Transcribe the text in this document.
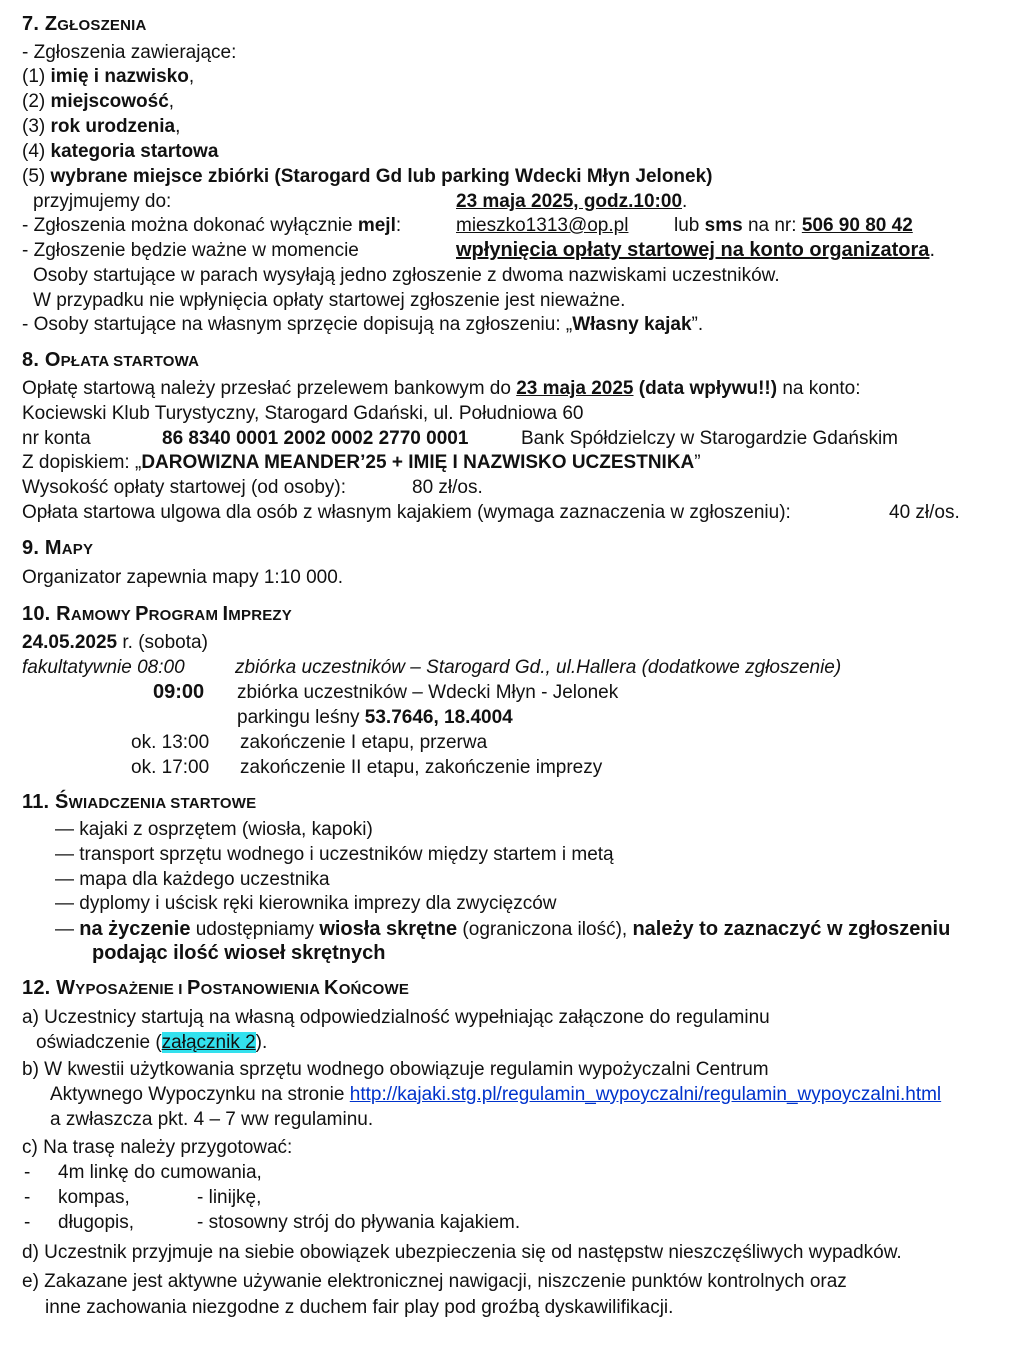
7. ZGŁOSZENIA
- Zgłoszenia zawierające:
(1) imię i nazwisko,
(2) miejscowość,
(3) rok urodzenia,
(4) kategoria startowa
(5) wybrane miejsce zbiórki (Starogard Gd lub parking Wdecki Młyn Jelonek)
przyjmujemy do:	23 maja 2025, godz.10:00.
- Zgłoszenia można dokonać wyłącznie mejl:	mieszko1313@op.pl lub sms na nr: 506 90 80 42
- Zgłoszenie będzie ważne w momencie	wpłynięcia opłaty startowej na konto organizatora.
Osoby startujące w parach wysyłają jedno zgłoszenie z dwoma nazwiskami uczestników.
W przypadku nie wpłynięcia opłaty startowej zgłoszenie jest nieważne.
- Osoby startujące na własnym sprzęcie dopisują na zgłoszeniu: „Własny kajak”.
8. OPŁATA STARTOWA
Opłatę startową należy przesłać przelewem bankowym do 23 maja 2025 (data wpływu!!) na konto:
Kociewski Klub Turystyczny, Starogard Gdański, ul. Południowa 60
nr konta	86 8340 0001 2002 0002 2770 0001	Bank Spółdzielczy w Starogardzie Gdańskim
Z dopiskiem: „DAROWIZNA MEANDER’25 + IMIĘ I NAZWISKO UCZESTNIKA”
Wysokość opłaty startowej (od osoby):	80 zł/os.
Opłata startowa ulgowa dla osób z własnym kajakiem (wymaga zaznaczenia w zgłoszeniu):	40 zł/os.
9. MAPY
Organizator zapewnia mapy 1:10 000.
10. RAMOWY PROGRAM IMPREZY
24.05.2025 r. (sobota)
fakultatywnie 08:00	zbiórka uczestników – Starogard Gd., ul.Hallera (dodatkowe zgłoszenie)
09:00 zbiórka uczestników – Wdecki Młyn - Jelonek
parkingu leśny 53.7646, 18.4004
ok. 13:00 zakończenie I etapu, przerwa
ok. 17:00 zakończenie II etapu, zakończenie imprezy
11. ŚWIADCZENIA STARTOWE
— kajaki z osprzętem (wiosła, kapoki)
— transport sprzętu wodnego i uczestników między startem i metą
— mapa dla każdego uczestnika
— dyplomy i uścisk ręki kierownika imprezy dla zwycięzców
— na życzenie udostępniamy wiosła skrętne (ograniczona ilość), należy to zaznaczyć w zgłoszeniu
podając ilość wioseł skrętnych
12. WYPOSAŻENIE I POSTANOWIENIA KOŃCOWE
a) Uczestnicy startują na własną odpowiedzialność wypełniając załączone do regulaminu
oświadczenie (załącznik 2).
b) W kwestii użytkowania sprzętu wodnego obowiązuje regulamin wypożyczalni Centrum
Aktywnego Wypoczynku na stronie http://kajaki.stg.pl/regulamin_wypoyczalni/regulamin_wypoyczalni.html
a zwłaszcza pkt. 4 – 7 ww regulaminu.
c) Na trasę należy przygotować:
- 4m linkę do cumowania,
- kompas,	- linijkę,
- długopis,	- stosowny strój do pływania kajakiem.
d) Uczestnik przyjmuje na siebie obowiązek ubezpieczenia się od następstw nieszczęśliwych wypadków.
e) Zakazane jest aktywne używanie elektronicznej nawigacji, niszczenie punktów kontrolnych oraz
inne zachowania niezgodne z duchem fair play pod groźbą dyskawilifikacji.
